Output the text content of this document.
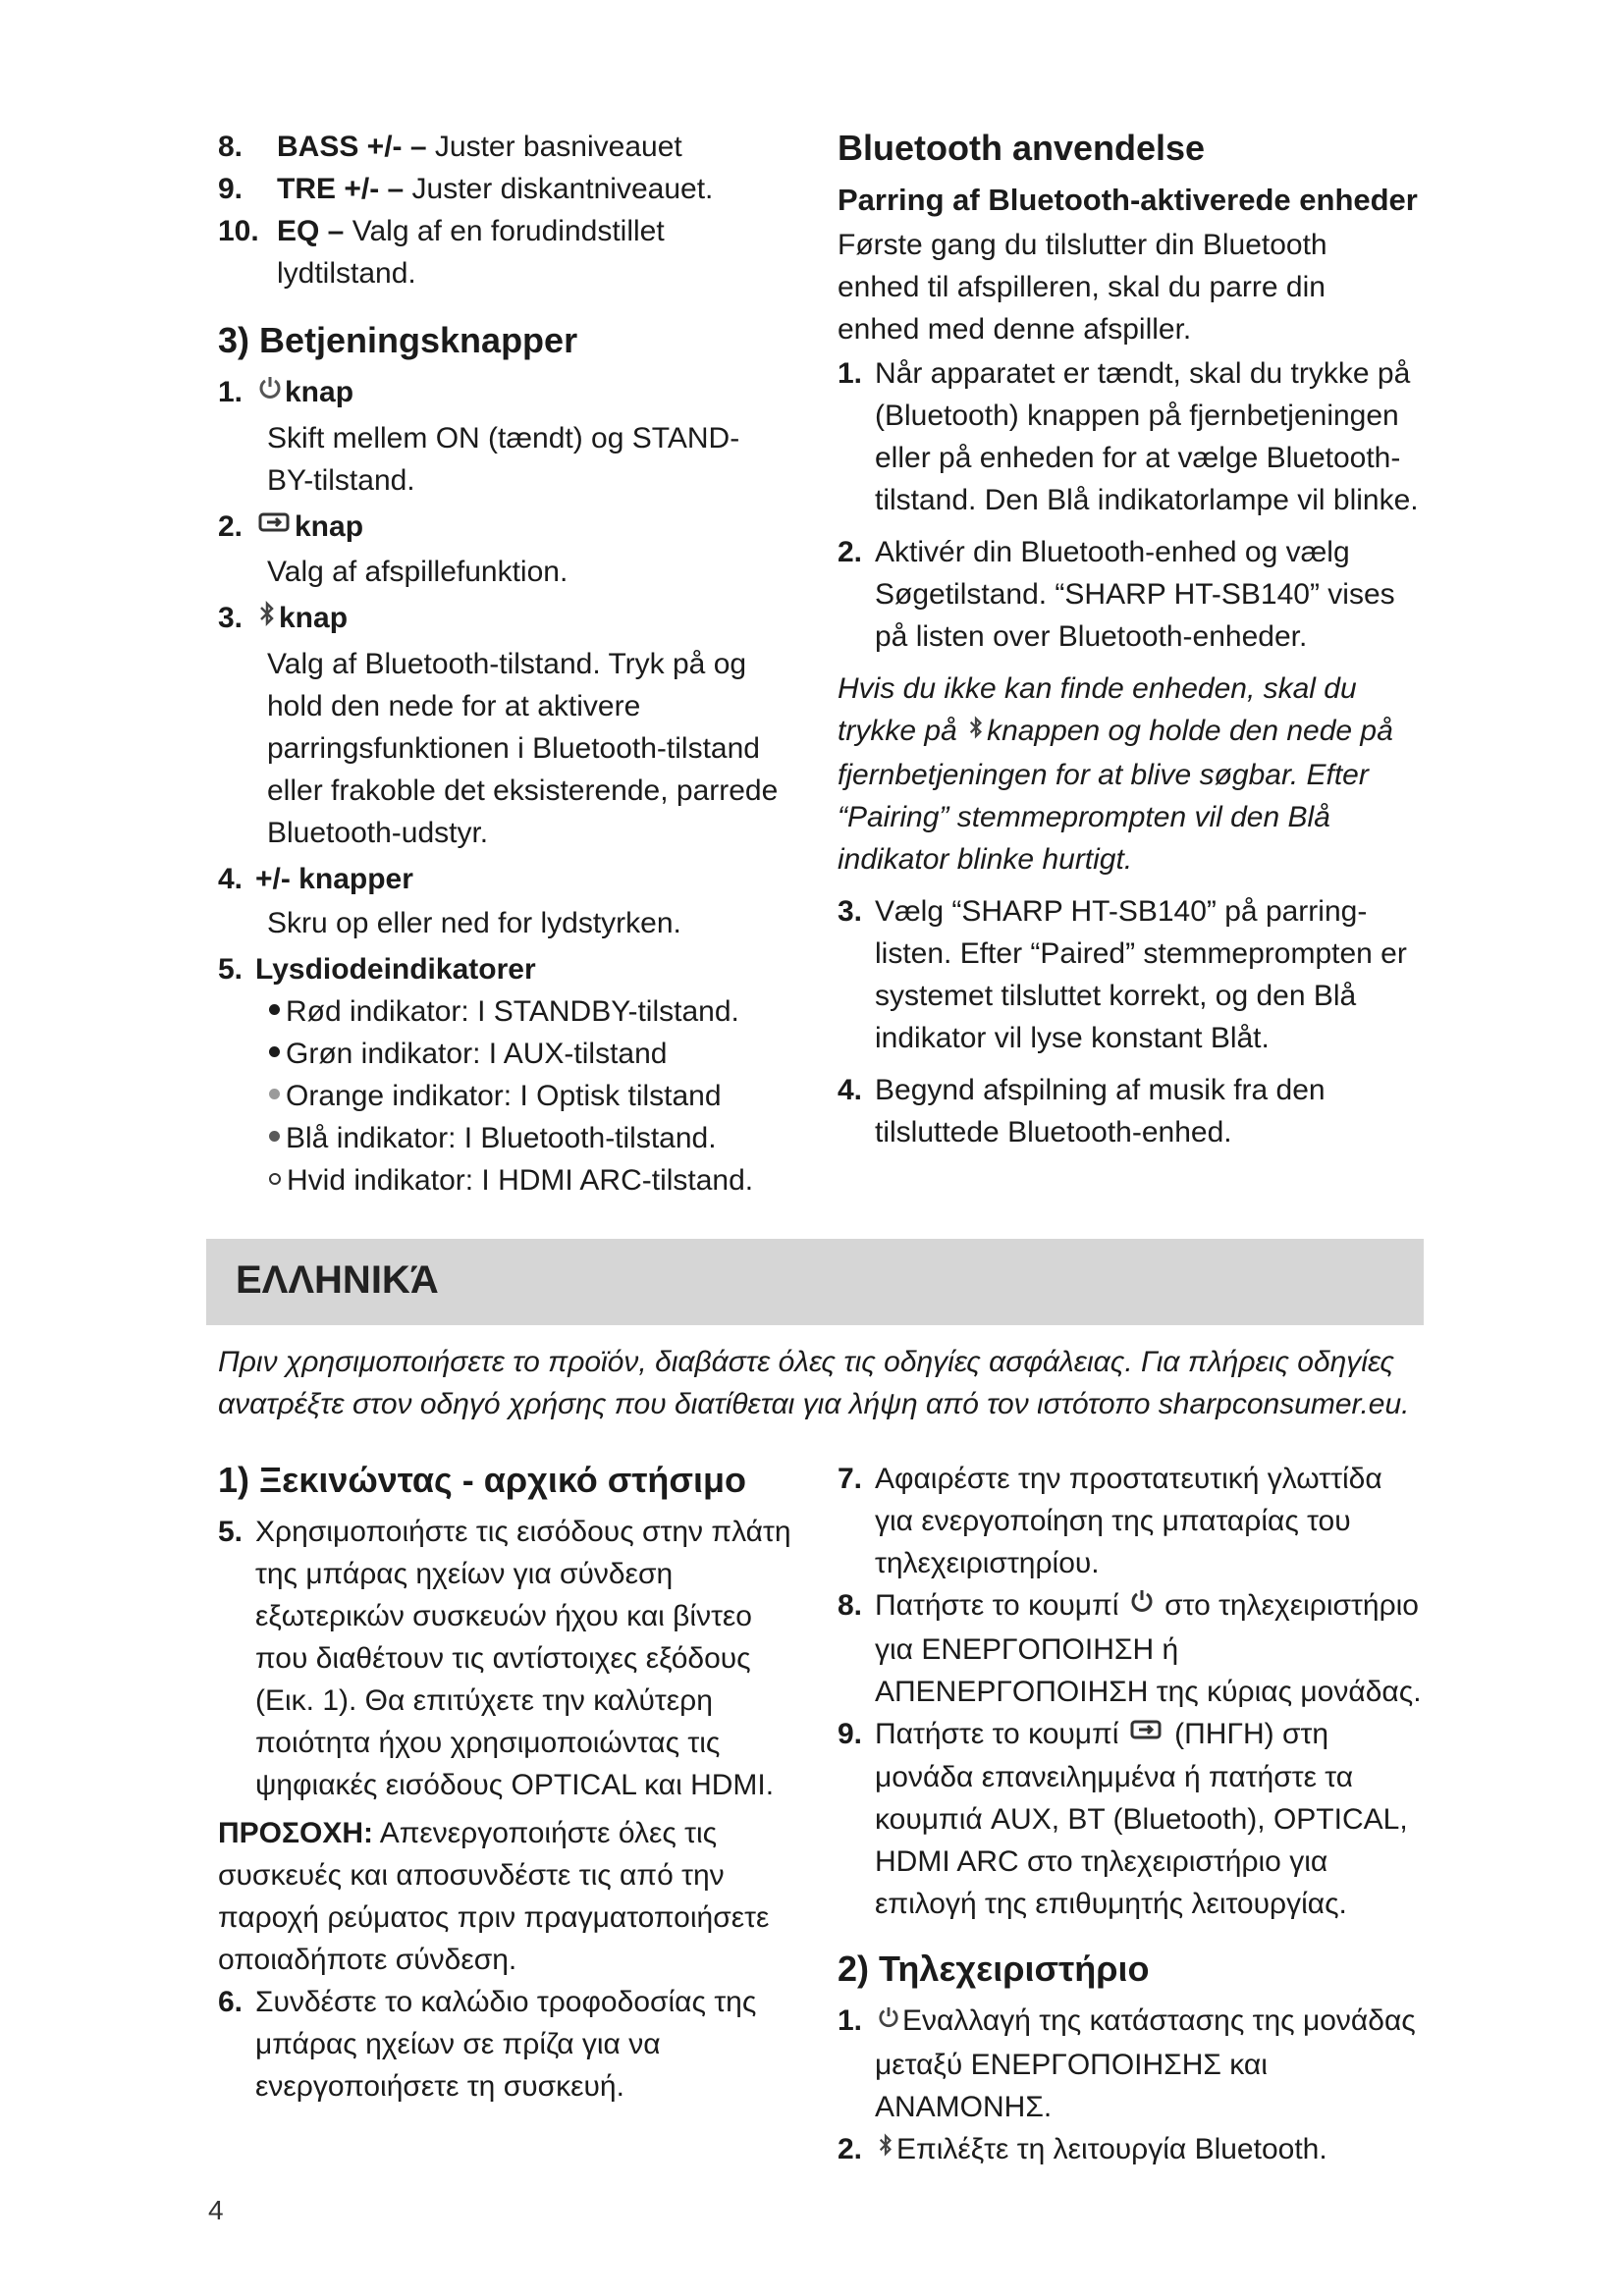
8. BASS +/- – Juster basniveauet

9. TRE +/- – Juster diskantniveauet.

10. EQ – Valg af en forudindstillet lydtilstand.

3) Betjeningsknapper

1. knap

Skift mellem ON (tændt) og STAND-BY-tilstand.

2. knap

Valg af afspillefunktion.

3. knap

Valg af Bluetooth-tilstand. Tryk på og hold den nede for at aktivere parringsfunktionen i Bluetooth-tilstand eller frakoble det eksisterende, parrede Bluetooth-udstyr.

4. +/- knapper

Skru op eller ned for lydstyrken.

5. Lysdiodeindikatorer

Rød indikator: I STANDBY-tilstand.

Grøn indikator: I AUX-tilstand

Orange indikator: I Optisk tilstand

Blå indikator: I Bluetooth-tilstand.

Hvid indikator: I HDMI ARC-tilstand.

Bluetooth anvendelse
Parring af Bluetooth-aktiverede enheder

Første gang du tilslutter din Bluetooth enhed til afspilleren, skal du parre din enhed med denne afspiller.

1. Når apparatet er tændt, skal du trykke på (Bluetooth) knappen på fjernbetjeningen eller på enheden for at vælge Bluetooth-tilstand. Den Blå indikatorlampe vil blinke.

2. Aktivér din Bluetooth-enhed og vælg Søgetilstand. “SHARP HT-SB140” vises på listen over Bluetooth-enheder.

Hvis du ikke kan finde enheden, skal du trykke på knappen og holde den nede på fjernbetjeningen for at blive søgbar. Efter “Pairing” stemmeprompten vil den Blå indikator blinke hurtigt.

3. Vælg “SHARP HT-SB140” på parring-listen. Efter “Paired” stemmeprompten er systemet tilsluttet korrekt, og den Blå indikator vil lyse konstant Blåt.

4. Begynd afspilning af musik fra den tilsluttede Bluetooth-enhed.

ΕΛΛΗΝΙΚΆ

Πριν χρησιμοποιήσετε το προϊόν, διαβάστε όλες τις οδηγίες ασφάλειας. Για πλήρεις οδηγίες ανατρέξτε στον οδηγό χρήσης που διατίθεται για λήψη από τον ιστότοπο sharpconsumer.eu.

1) Ξεκινώντας - αρχικό στήσιμο

5. Χρησιμοποιήστε τις εισόδους στην πλάτη της μπάρας ηχείων για σύνδεση εξωτερικών συσκευών ήχου και βίντεο που διαθέτουν τις αντίστοιχες εξόδους (Εικ. 1). Θα επιτύχετε την καλύτερη ποιότητα ήχου χρησιμοποιώντας τις ψηφιακές εισόδους OPTICAL και HDMI.

ΠΡΟΣΟΧΗ: Απενεργοποιήστε όλες τις συσκευές και αποσυνδέστε τις από την παροχή ρεύματος πριν πραγματοποιήσετε οποιαδήποτε σύνδεση.

6. Συνδέστε το καλώδιο τροφοδοσίας της μπάρας ηχείων σε πρίζα για να ενεργοποιήσετε τη συσκευή.

7. Αφαιρέστε την προστατευτική γλωττίδα για ενεργοποίηση της μπαταρίας του τηλεχειριστηρίου.

8. Πατήστε το κουμπί στο τηλεχειριστήριο για ΕΝΕΡΓΟΠΟΙΗΣΗ ή ΑΠΕΝΕΡΓΟΠΟΙΗΣΗ της κύριας μονάδας.

9. Πατήστε το κουμπί (ΠΗΓΗ) στη μονάδα επανειλημμένα ή πατήστε τα κουμπιά AUX, BT (Bluetooth), OPTICAL, HDMI ARC στο τηλεχειριστήριο για επιλογή της επιθυμητής λειτουργίας.

2) Τηλεχειριστήριο

1. Εναλλαγή της κατάστασης της μονάδας μεταξύ ΕΝΕΡΓΟΠΟΙΗΣΗΣ και ΑΝΑΜΟΝΗΣ.

2. Επιλέξτε τη λειτουργία Bluetooth.

4
